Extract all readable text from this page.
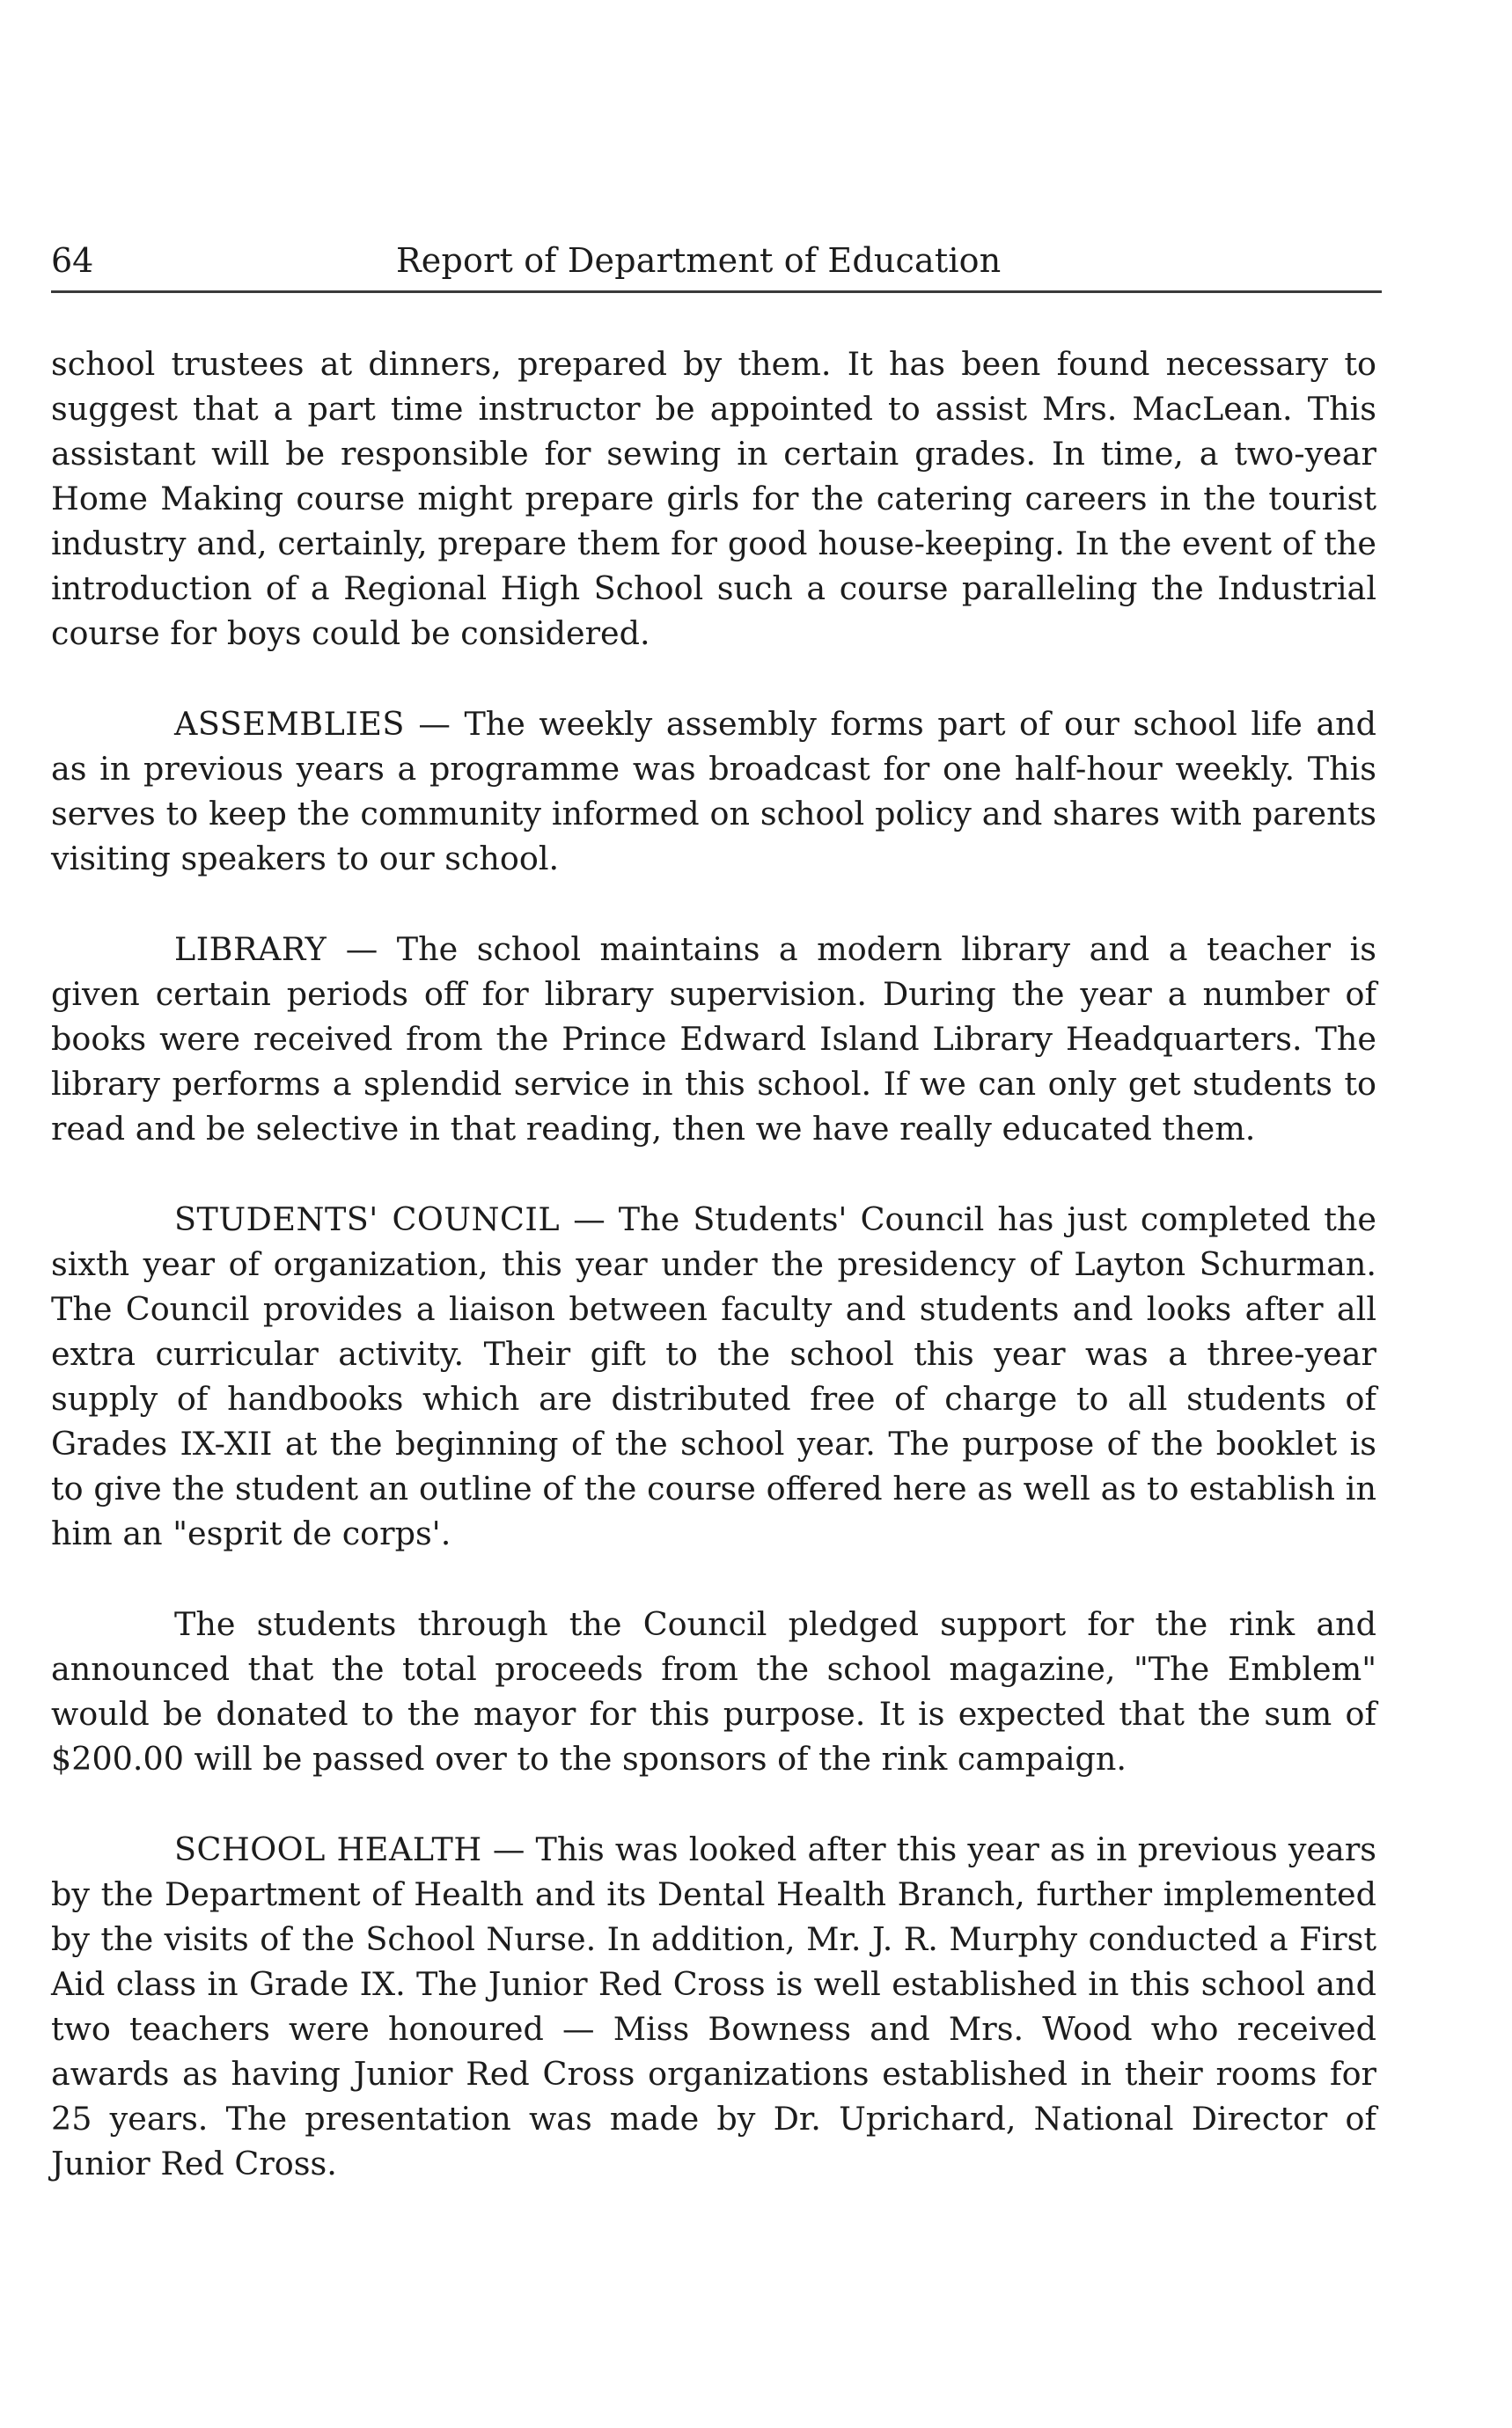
64	Report of Department of Education

school trustees at dinners, prepared by them. It has been found necessary to suggest that a part time instructor be appointed to assist Mrs. MacLean. This assistant will be responsible for sewing in certain grades. In time, a two-year Home Making course might prepare girls for the catering careers in the tourist industry and, certainly, prepare them for good house-keeping. In the event of the introduction of a Regional High School such a course paralleling the Industrial course for boys could be considered.

ASSEMBLIES — The weekly assembly forms part of our school life and as in previous years a programme was broadcast for one half-hour weekly. This serves to keep the community informed on school policy and shares with parents visiting speakers to our school.

LIBRARY — The school maintains a modern library and a teacher is given certain periods off for library supervision. During the year a number of books were received from the Prince Edward Island Library Headquarters. The library performs a splendid service in this school. If we can only get students to read and be selective in that reading, then we have really educated them.

STUDENTS' COUNCIL — The Students' Council has just completed the sixth year of organization, this year under the presidency of Layton Schurman. The Council provides a liaison between faculty and students and looks after all extra curricular activity. Their gift to the school this year was a three-year supply of handbooks which are distributed free of charge to all students of Grades IX-XII at the beginning of the school year. The purpose of the booklet is to give the student an outline of the course offered here as well as to establish in him an "esprit de corps'.

The students through the Council pledged support for the rink and announced that the total proceeds from the school magazine, "The Emblem" would be donated to the mayor for this purpose. It is expected that the sum of $200.00 will be passed over to the sponsors of the rink campaign.

SCHOOL HEALTH — This was looked after this year as in previous years by the Department of Health and its Dental Health Branch, further implemented by the visits of the School Nurse. In addition, Mr. J. R. Murphy conducted a First Aid class in Grade IX. The Junior Red Cross is well established in this school and two teachers were honoured — Miss Bowness and Mrs. Wood who received awards as having Junior Red Cross organizations established in their rooms for 25 years. The presentation was made by Dr. Uprichard, National Director of Junior Red Cross.
